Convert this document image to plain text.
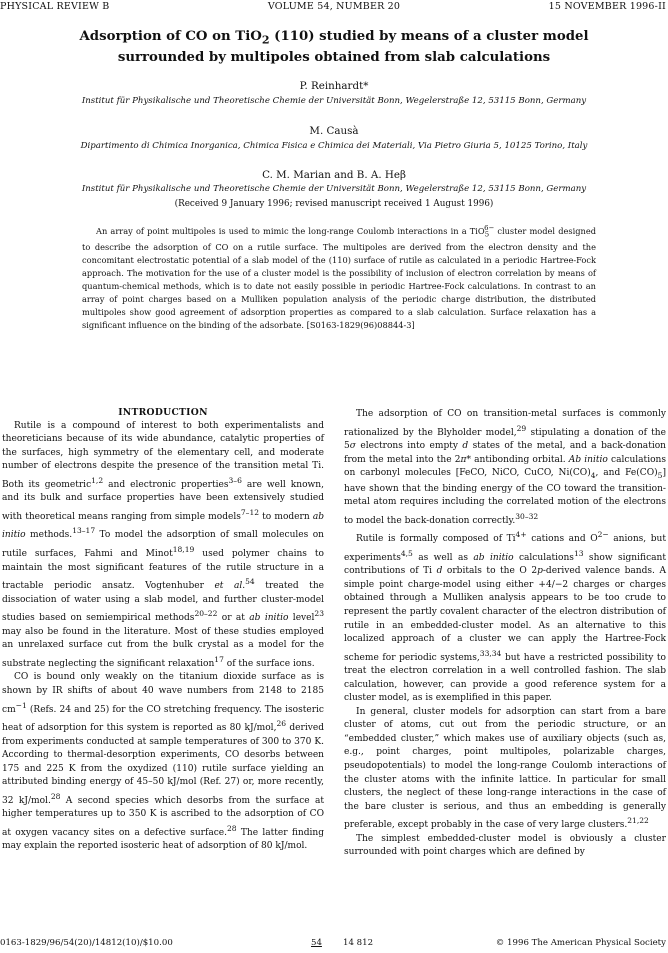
PHYSICAL REVIEW B	VOLUME 54, NUMBER 20	15 NOVEMBER 1996-II
Adsorption of CO on TiO$_2$ (110) studied by means of a cluster model
surrounded by multipoles obtained from slab calculations
P. Reinhardt*
Institut für Physikalische und Theoretische Chemie der Universität Bonn, Wegelerstraße 12, 53115 Bonn, Germany
M. Causà
Dipartimento di Chimica Inorganica, Chimica Fisica e Chimica dei Materiali, Via Pietro Giuria 5, 10125 Torino, Italy
C. M. Marian and B. A. Heβ
Institut für Physikalische und Theoretische Chemie der Universität Bonn, Wegelerstraße 12, 53115 Bonn, Germany
(Received 9 January 1996; revised manuscript received 1 August 1996)

An array of point multipoles is used to mimic the long-range Coulomb interactions in a TiO$_5^{6-}$ cluster model designed to describe the adsorption of CO on a rutile surface. The multipoles are derived from the electron density and the concomitant electrostatic potential of a slab model of the (110) surface of rutile as calculated in a periodic Hartree-Fock approach. The motivation for the use of a cluster model is the possibility of inclusion of electron correlation by means of quantum-chemical methods, which is to date not easily possible in periodic Hartree-Fock calculations. In contrast to an array of point charges based on a Mulliken population analysis of the periodic charge distribution, the distributed multipoles show good agreement of adsorption properties as compared to a slab calculation. Surface relaxation has a significant influence on the binding of the adsorbate. [S0163-1829(96)08844-3]

INTRODUCTION

Rutile is a compound of interest to both experimentalists and theoreticians because of its wide abundance, catalytic properties of the surfaces, high symmetry of the elementary cell, and moderate number of electrons despite the presence of the transition metal Ti. Both its geometric$^{1,2}$ and electronic properties$^{3-6}$ are well known, and its bulk and surface properties have been extensively studied with theoretical means ranging from simple models$^{7-12}$ to modern ab initio methods.$^{13-17}$ To model the adsorption of small molecules on rutile surfaces, Fahmi and Minot$^{18,19}$ used polymer chains to maintain the most significant features of the rutile structure in a tractable periodic ansatz. Vogtenhuber et al.$^{54}$ treated the dissociation of water using a slab model, and further cluster-model studies based on semiempirical methods$^{20-22}$ or at ab initio level$^{23}$ may also be found in the literature. Most of these studies employed an unrelaxed surface cut from the bulk crystal as a model for the substrate neglecting the significant relaxation$^{17}$ of the surface ions.

CO is bound only weakly on the titanium dioxide surface as is shown by IR shifts of about 40 wave numbers from 2148 to 2185 $cm^{-1}$ (Refs. 24 and 25) for the CO stretching frequency. The isosteric heat of adsorption for this system is reported as 80 kJ/mol,$^{26}$ derived from experiments conducted at sample temperatures of 300 to 370 K. According to thermal-desorption experiments, CO desorbs between 175 and 225 K from the oxydized (110) rutile surface yielding an attributed binding energy of 45–50 kJ/mol (Ref. 27) or, more recently, 32 kJ/mol.$^{28}$ A second species which desorbs from the surface at higher temperatures up to 350 K is ascribed to the adsorption of CO at oxygen vacancy sites on a defective surface.$^{28}$ The latter finding may explain the reported isosteric heat of adsorption of 80 kJ/mol.

The adsorption of CO on transition-metal surfaces is commonly rationalized by the Blyholder model,$^{29}$ stipulating a donation of the 5σ electrons into empty d states of the metal, and a back-donation from the metal into the 2π* antibonding orbital. Ab initio calculations on carbonyl molecules [FeCO, NiCO, CuCO, $Ni(CO)_4$, and $Fe(CO)_5$] have shown that the binding energy of the CO toward the transition-metal atom requires including the correlated motion of the electrons to model the back-donation correctly.$^{30-32}$

Rutile is formally composed of $Ti^{4+}$ cations and $O^{2-}$ anions, but experiments$^{4,5}$ as well as ab initio calculations$^{13}$ show significant contributions of Ti d orbitals to the O 2p-derived valence bands. A simple point charge-model using either +4/−2 charges or charges obtained through a Mulliken analysis appears to be too crude to represent the partly covalent character of the electron distribution of rutile in an embedded-cluster model. As an alternative to this localized approach of a cluster we can apply the Hartree-Fock scheme for periodic systems,$^{33,34}$ but have a restricted possibility to treat the electron correlation in a well controlled fashion. The slab calculation, however, can provide a good reference system for a cluster model, as is exemplified in this paper.

In general, cluster models for adsorption can start from a bare cluster of atoms, cut out from the periodic structure, or an “embedded cluster,” which makes use of auxiliary objects (such as, e.g., point charges, point multipoles, polarizable charges, pseudopotentials) to model the long-range Coulomb interactions of the cluster atoms with the infinite lattice. In particular for small clusters, the neglect of these long-range interactions in the case of the bare cluster is serious, and thus an embedding is generally preferable, except probably in the case of very large clusters.$^{21,22}$

The simplest embedded-cluster model is obviously a cluster surrounded with point charges which are defined by

0163-1829/96/54(20)/14812(10)/$10.00	54 14 812	© 1996 The American Physical Society
